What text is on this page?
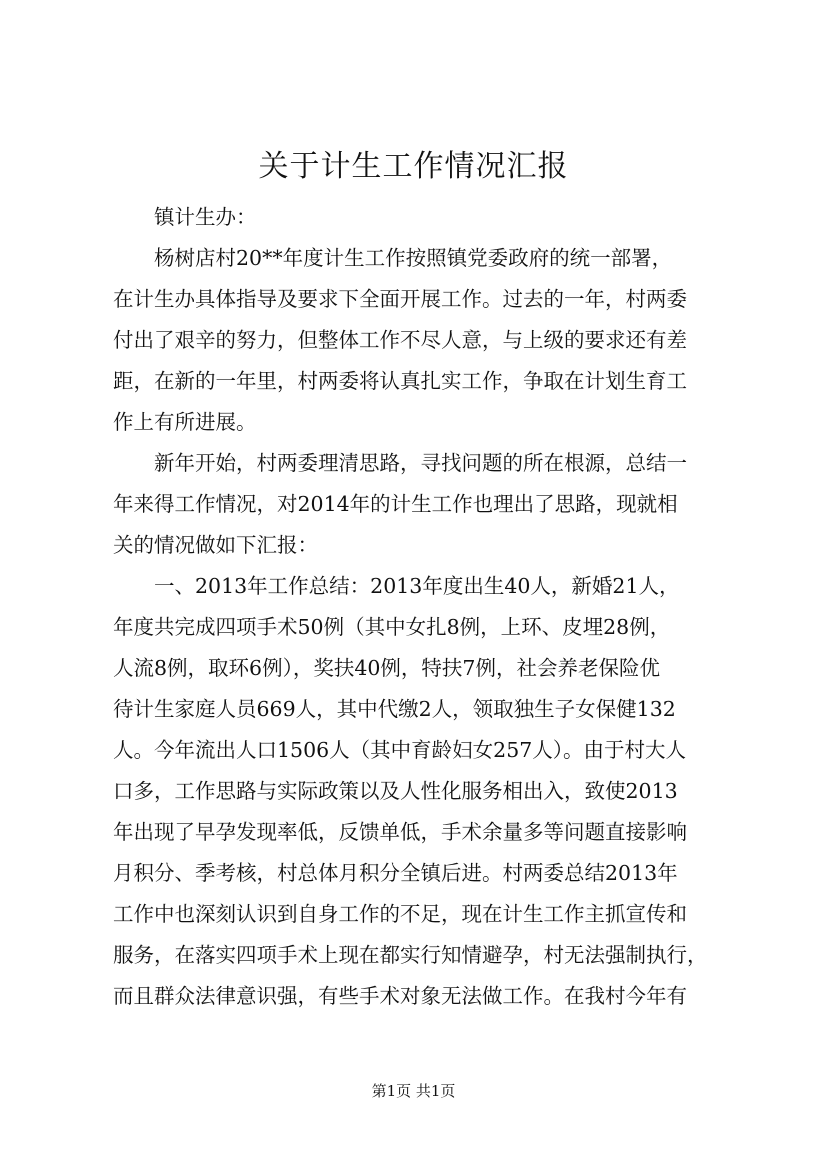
关于计生工作情况汇报
镇计生办：
杨树店村20**年度计生工作按照镇党委政府的统一部署，
在计生办具体指导及要求下全面开展工作。过去的一年，村两委
付出了艰辛的努力，但整体工作不尽人意，与上级的要求还有差
距，在新的一年里，村两委将认真扎实工作，争取在计划生育工
作上有所进展。
新年开始，村两委理清思路，寻找问题的所在根源，总结一
年来得工作情况，对2014年的计生工作也理出了思路，现就相
关的情况做如下汇报：
一、2013年工作总结：2013年度出生40人，新婚21人，
年度共完成四项手术50例（其中女扎8例，上环、皮埋28例，
人流8例，取环6例），奖扶40例，特扶7例，社会养老保险优
待计生家庭人员669人，其中代缴2人，领取独生子女保健132
人。今年流出人口1506人（其中育龄妇女257人）。由于村大人
口多，工作思路与实际政策以及人性化服务相出入，致使2013
年出现了早孕发现率低，反馈单低，手术余量多等问题直接影响
月积分、季考核，村总体月积分全镇后进。村两委总结2013年
工作中也深刻认识到自身工作的不足，现在计生工作主抓宣传和
服务，在落实四项手术上现在都实行知情避孕，村无法强制执行，
而且群众法律意识强，有些手术对象无法做工作。在我村今年有
第1页 共1页
